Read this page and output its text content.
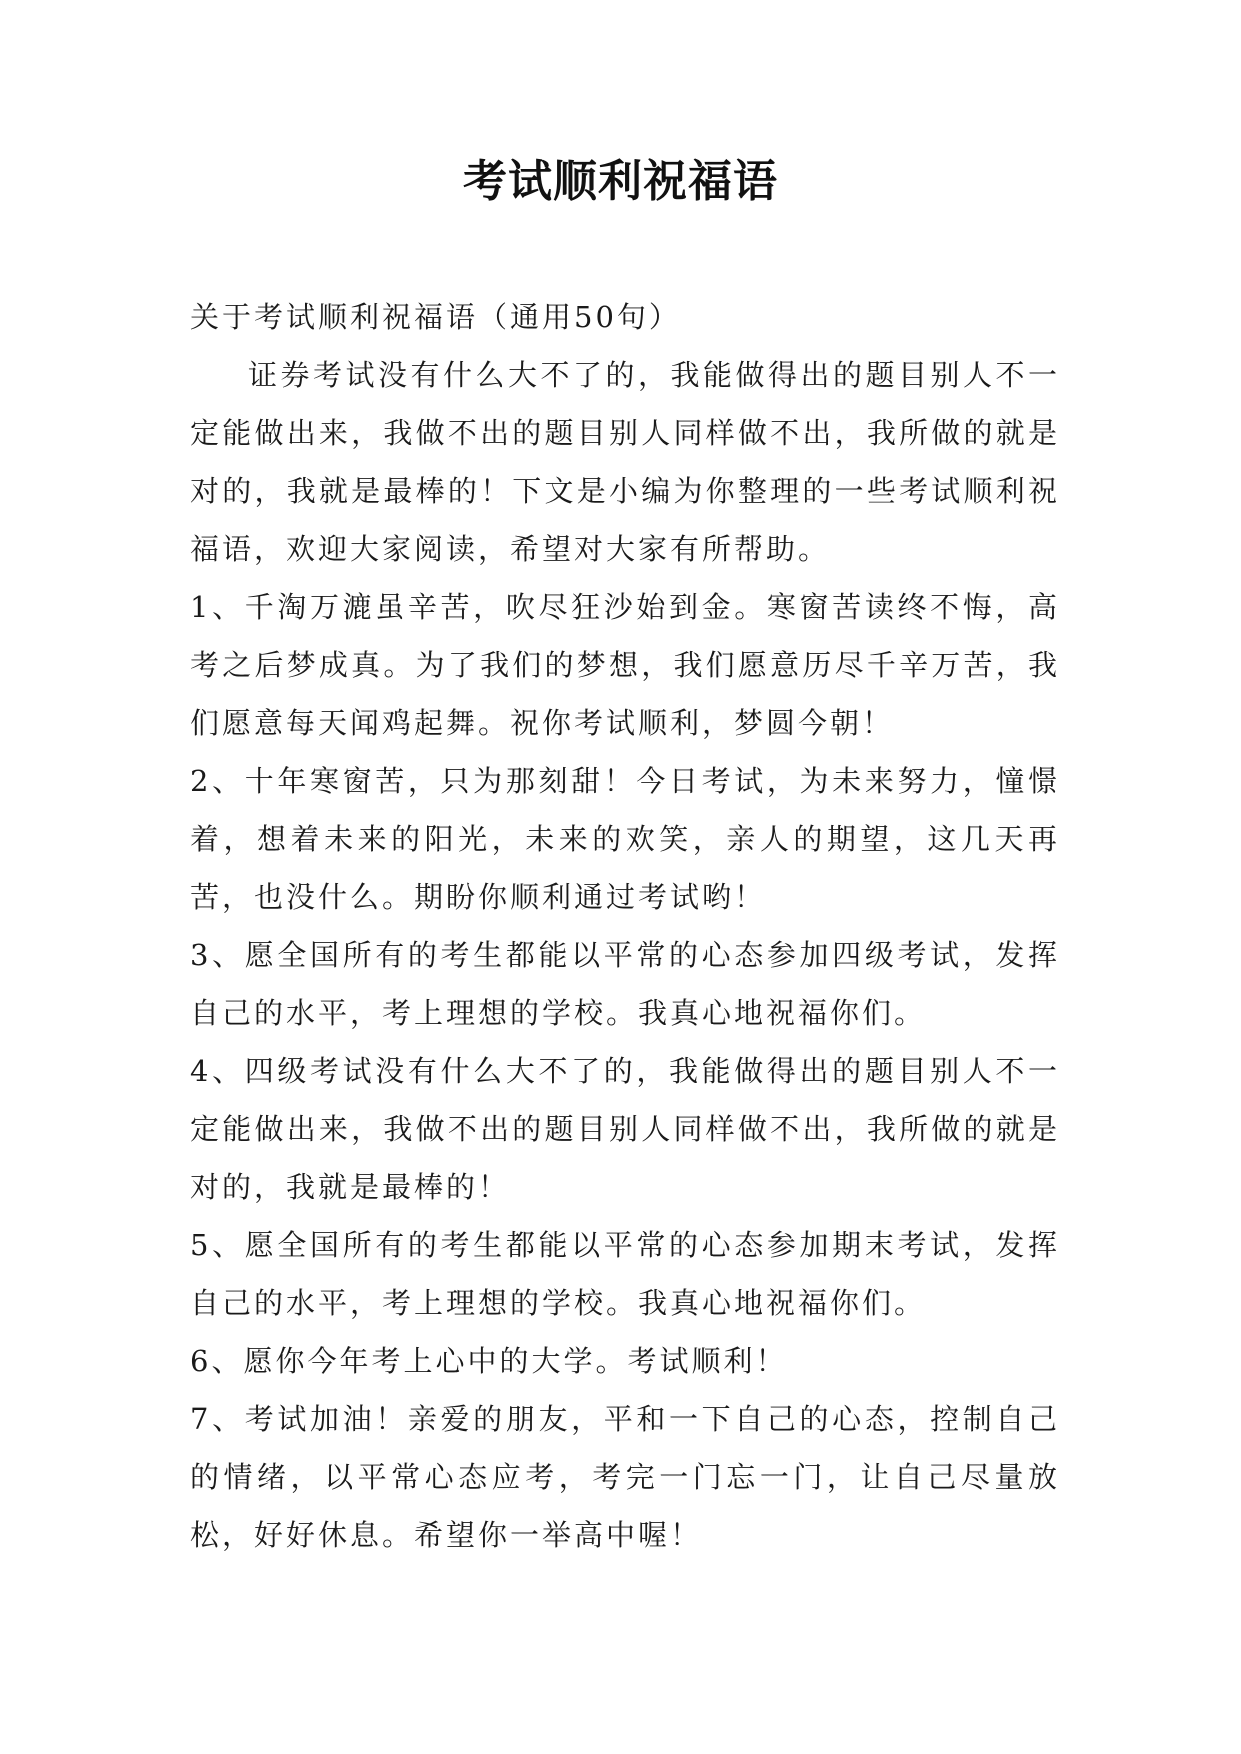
考试顺利祝福语

关于考试顺利祝福语（通用50句）

证券考试没有什么大不了的，我能做得出的题目别人不一定能做出来，我做不出的题目别人同样做不出，我所做的就是对的，我就是最棒的！下文是小编为你整理的一些考试顺利祝福语，欢迎大家阅读，希望对大家有所帮助。

1、千淘万漉虽辛苦，吹尽狂沙始到金。寒窗苦读终不悔，高考之后梦成真。为了我们的梦想，我们愿意历尽千辛万苦，我们愿意每天闻鸡起舞。祝你考试顺利，梦圆今朝！

2、十年寒窗苦，只为那刻甜！今日考试，为未来努力，憧憬着，想着未来的阳光，未来的欢笑，亲人的期望，这几天再苦，也没什么。期盼你顺利通过考试哟！

3、愿全国所有的考生都能以平常的心态参加四级考试，发挥自己的水平，考上理想的学校。我真心地祝福你们。

4、四级考试没有什么大不了的，我能做得出的题目别人不一定能做出来，我做不出的题目别人同样做不出，我所做的就是对的，我就是最棒的！

5、愿全国所有的考生都能以平常的心态参加期末考试，发挥自己的水平，考上理想的学校。我真心地祝福你们。

6、愿你今年考上心中的大学。考试顺利！

7、考试加油！亲爱的朋友，平和一下自己的心态，控制自己的情绪，以平常心态应考，考完一门忘一门，让自己尽量放松，好好休息。希望你一举高中喔！
